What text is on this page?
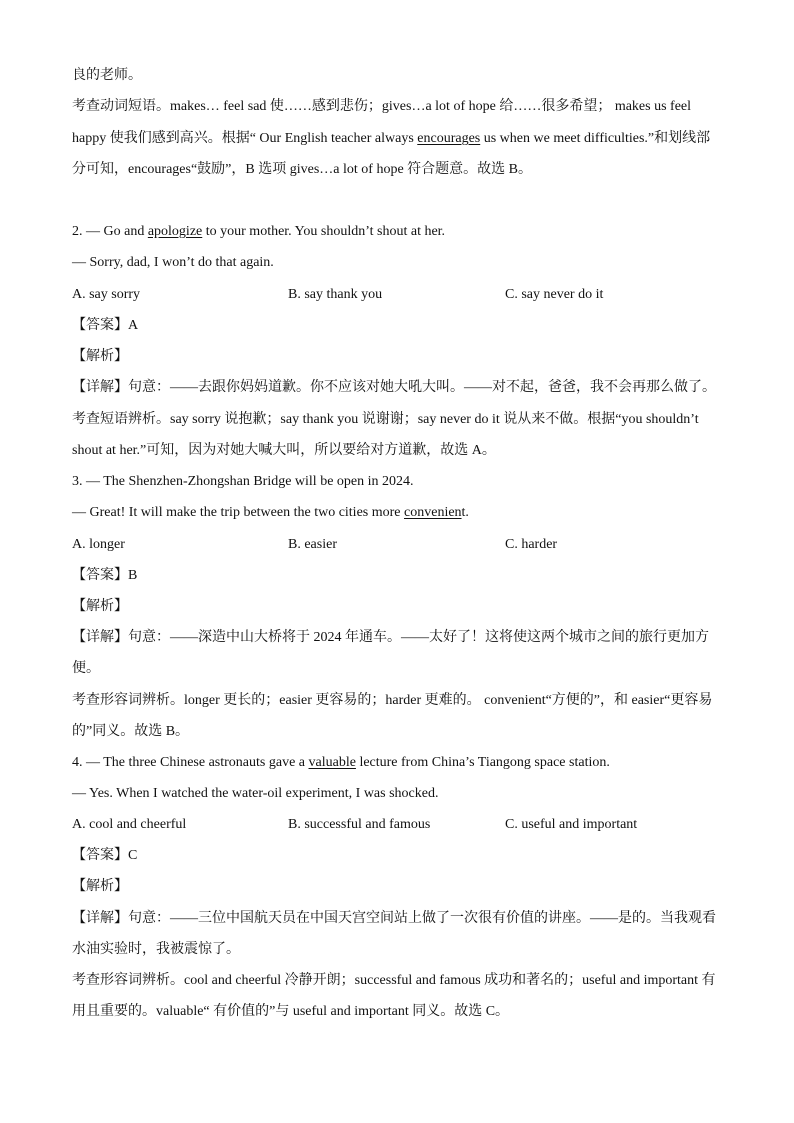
良的老师。
考查动词短语。makes… feel sad 使……感到悲伤；gives…a lot of hope 给……很多希望； makes us feel
happy 使我们感到高兴。根据“ Our English teacher always encourages us when we meet difficulties.”和划线部
分可知，encourages“鼓励”，B 选项 gives…a lot of hope 符合题意。故选 B。
2. — Go and apologize to your mother. You shouldn’t shout at her.
— Sorry, dad, I won’t do that again.
A. say sorry	B. say thank you	C. say never do it
【答案】A
【解析】
【详解】句意：——去跟你妈妈道歉。你不应该对她大吼大叫。——对不起，爸爸，我不会再那么做了。
考查短语辨析。say sorry 说抱歉；say thank you 说谢谢；say never do it 说从来不做。根据“you shouldn’t
shout at her.”可知，因为对她大喊大叫，所以要给对方道歉，故选 A。
3. — The Shenzhen-Zhongshan Bridge will be open in 2024.
— Great! It will make the trip between the two cities more convenient.
A. longer	B. easier	C. harder
【答案】B
【解析】
【详解】句意：——深造中山大桥将于 2024 年通车。——太好了！这将使这两个城市之间的旅行更加方
便。
考查形容词辨析。longer 更长的；easier 更容易的；harder 更难的。 convenient“方便的”，和 easier“更容易
的”同义。故选 B。
4. — The three Chinese astronauts gave a valuable lecture from China’s Tiangong space station.
— Yes. When I watched the water-oil experiment, I was shocked.
A. cool and cheerful	B. successful and famous	C. useful and important
【答案】C
【解析】
【详解】句意：——三位中国航天员在中国天宫空间站上做了一次很有价值的讲座。——是的。当我观看
水油实验时，我被震惊了。
考查形容词辨析。cool and cheerful 冷静开朗；successful and famous 成功和著名的；useful and important 有
用且重要的。valuable“ 有价值的”与 useful and important 同义。故选 C。
